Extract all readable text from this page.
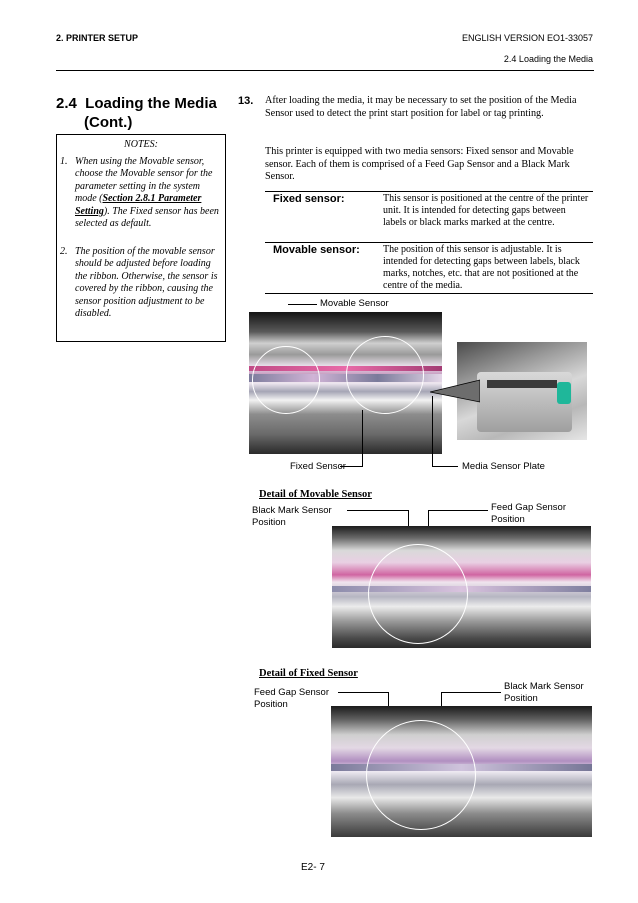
2. PRINTER SETUP	ENGLISH VERSION EO1-33057
2.4 Loading the Media
2.4  Loading the Media
(Cont.)
NOTES:
1. When using the Movable sensor, choose the Movable sensor for the parameter setting in the system mode (Section 2.8.1 Parameter Setting). The Fixed sensor has been selected as default.
2. The position of the movable sensor should be adjusted before loading the ribbon. Otherwise, the sensor is covered by the ribbon, causing the sensor position adjustment to be disabled.
13. After loading the media, it may be necessary to set the position of the Media Sensor used to detect the print start position for label or tag printing.
This printer is equipped with two media sensors: Fixed sensor and Movable sensor. Each of them is comprised of a Feed Gap Sensor and a Black Mark Sensor.
Fixed sensor:	This sensor is positioned at the centre of the printer unit. It is intended for detecting gaps between labels or black marks marked at the centre.
Movable sensor: The position of this sensor is adjustable. It is intended for detecting gaps between labels, black marks, notches, etc. that are not positioned at the centre of the media.
Movable Sensor
Fixed Sensor	Media Sensor Plate
Detail of Movable Sensor
Black Mark Sensor Position
Feed Gap Sensor Position
Detail of Fixed Sensor
Feed Gap Sensor Position
Black Mark Sensor Position
E2- 7
